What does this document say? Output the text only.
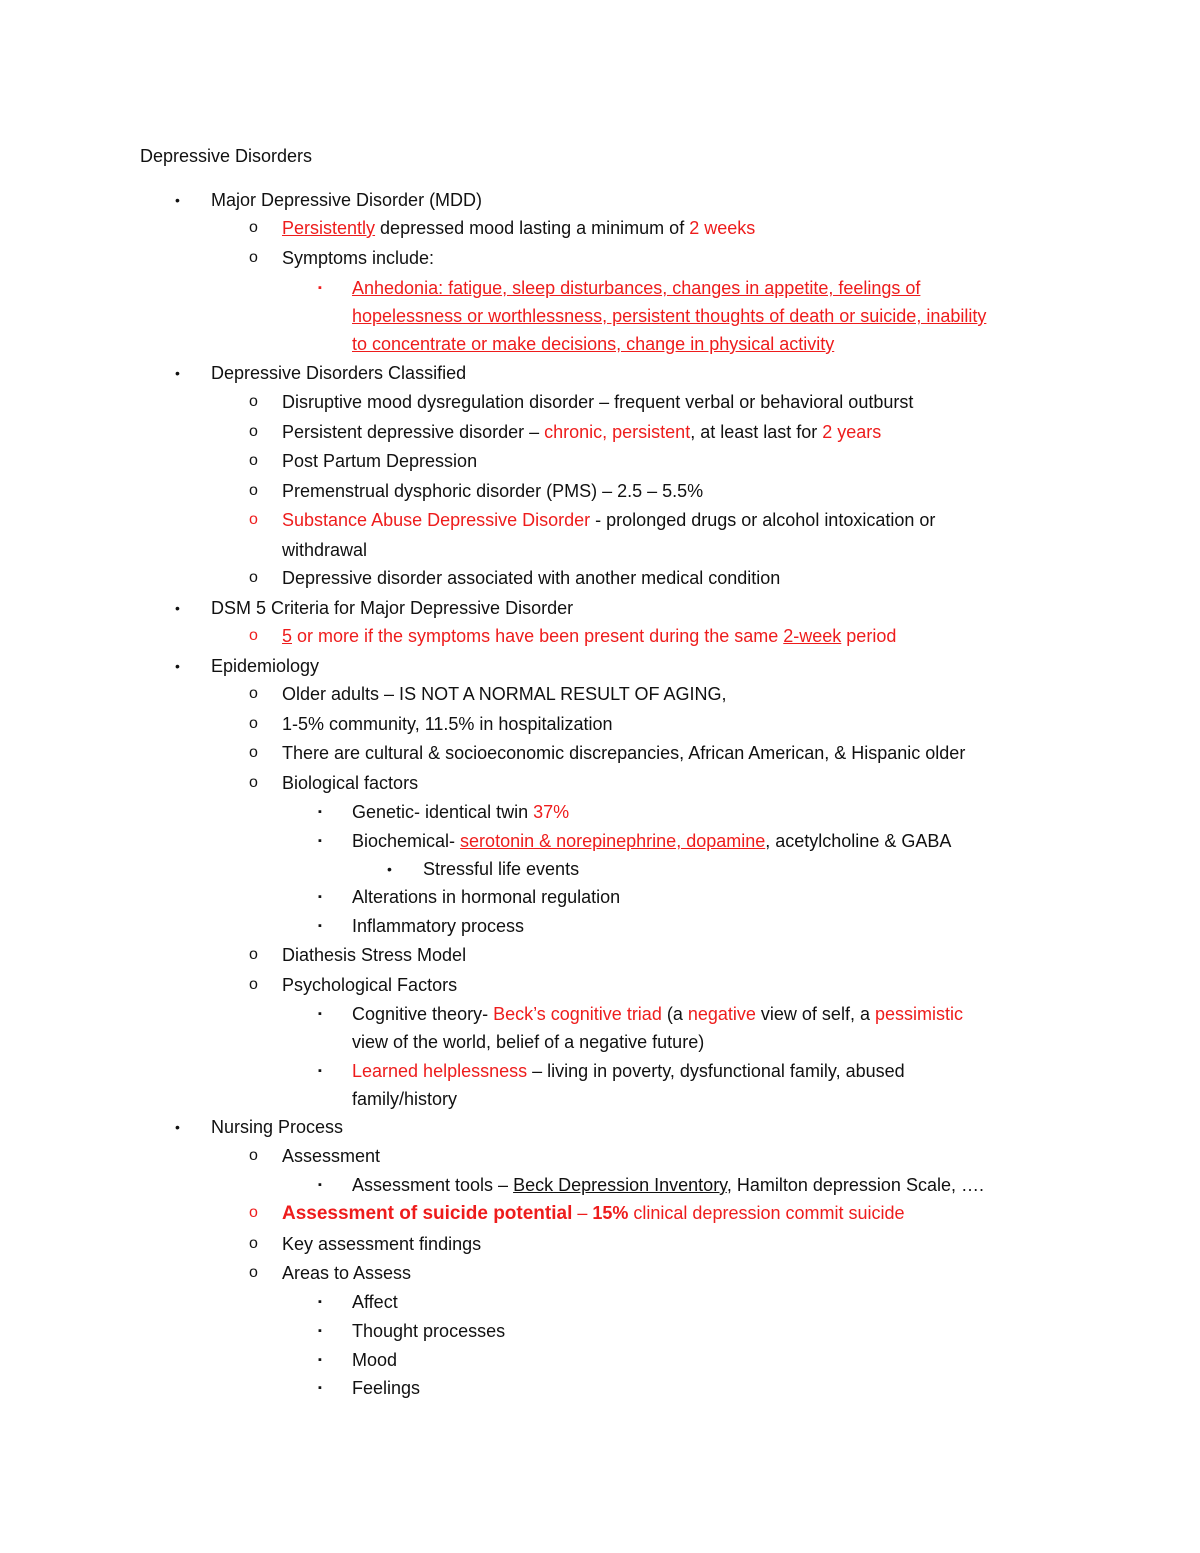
Depressive Disorders
• Major Depressive Disorder (MDD)
o Persistently depressed mood lasting a minimum of 2 weeks
o Symptoms include:
▪ Anhedonia: fatigue, sleep disturbances, changes in appetite, feelings of
hopelessness or worthlessness, persistent thoughts of death or suicide, inability
to concentrate or make decisions, change in physical activity
• Depressive Disorders Classified
o Disruptive mood dysregulation disorder – frequent verbal or behavioral outburst
o Persistent depressive disorder – chronic, persistent, at least last for 2 years
o Post Partum Depression
o Premenstrual dysphoric disorder (PMS) – 2.5 – 5.5%
o Substance Abuse Depressive Disorder - prolonged drugs or alcohol intoxication or
withdrawal
o Depressive disorder associated with another medical condition
• DSM 5 Criteria for Major Depressive Disorder
o 5 or more if the symptoms have been present during the same 2-week period
• Epidemiology
o Older adults – IS NOT A NORMAL RESULT OF AGING,
o 1-5% community, 11.5% in hospitalization
o There are cultural & socioeconomic discrepancies, African American, & Hispanic older
o Biological factors
▪ Genetic- identical twin 37%
▪ Biochemical- serotonin & norepinephrine, dopamine, acetylcholine & GABA
• Stressful life events
▪ Alterations in hormonal regulation
▪ Inflammatory process
o Diathesis Stress Model
o Psychological Factors
▪ Cognitive theory- Beck’s cognitive triad (a negative view of self, a pessimistic
view of the world, belief of a negative future)
▪ Learned helplessness – living in poverty, dysfunctional family, abused
family/history
• Nursing Process
o Assessment
▪ Assessment tools – Beck Depression Inventory, Hamilton depression Scale, ….
o Assessment of suicide potential – 15% clinical depression commit suicide
o Key assessment findings
o Areas to Assess
▪ Affect
▪ Thought processes
▪ Mood
▪ Feelings
